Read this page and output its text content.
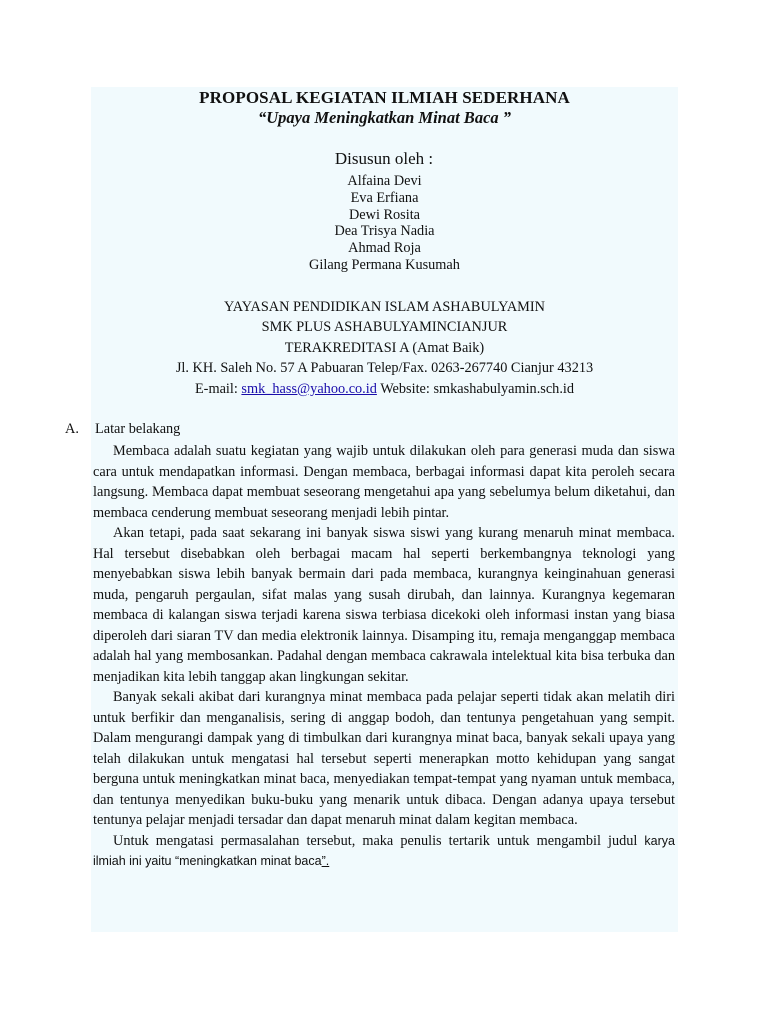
PROPOSAL KEGIATAN ILMIAH SEDERHANA
“Upaya Meningkatkan Minat Baca ”
Disusun oleh :
Alfaina Devi
Eva Erfiana
Dewi Rosita
Dea Trisya Nadia
Ahmad Roja
Gilang Permana Kusumah
YAYASAN PENDIDIKAN ISLAM ASHABULYAMIN
SMK PLUS ASHABULYAMINCIANJUR
TERAKREDITASI A (Amat Baik)
Jl. KH. Saleh No. 57 A Pabuaran Telep/Fax. 0263-267740 Cianjur 43213
E-mail: smk_hass@yahoo.co.id Website: smkashabulyamin.sch.id
A. Latar belakang

Membaca adalah suatu kegiatan yang wajib untuk dilakukan oleh para generasi muda dan siswa cara untuk mendapatkan informasi. Dengan membaca, berbagai informasi dapat kita peroleh secara langsung. Membaca dapat membuat seseorang mengetahui apa yang sebelumya belum diketahui, dan membaca cenderung membuat seseorang menjadi lebih pintar.

Akan tetapi, pada saat sekarang ini banyak siswa siswi yang kurang menaruh minat membaca. Hal tersebut disebabkan oleh berbagai macam hal seperti berkembangnya teknologi yang menyebabkan siswa lebih banyak bermain dari pada membaca, kurangnya keinginahuan generasi muda, pengaruh pergaulan, sifat malas yang susah dirubah, dan lainnya. Kurangnya kegemaran membaca di kalangan siswa terjadi karena siswa terbiasa dicekoki oleh informasi instan yang biasa diperoleh dari siaran TV dan media elektronik lainnya. Disamping itu, remaja menganggap membaca adalah hal yang membosankan. Padahal dengan membaca cakrawala intelektual kita bisa terbuka dan menjadikan kita lebih tanggap akan lingkungan sekitar.

Banyak sekali akibat dari kurangnya minat membaca pada pelajar seperti tidak akan melatih diri untuk berfikir dan menganalisis, sering di anggap bodoh, dan tentunya pengetahuan yang sempit. Dalam mengurangi dampak yang di timbulkan dari kurangnya minat baca, banyak sekali upaya yang telah dilakukan untuk mengatasi hal tersebut seperti menerapkan motto kehidupan yang sangat berguna untuk meningkatkan minat baca, menyediakan tempat-tempat yang nyaman untuk membaca, dan tentunya menyedikan buku-buku yang menarik untuk dibaca. Dengan adanya upaya tersebut tentunya pelajar menjadi tersadar dan dapat menaruh minat dalam kegitan membaca.

Untuk mengatasi permasalahan tersebut, maka penulis tertarik untuk mengambil judul karya ilmiah ini yaitu “meningkatkan minat baca”.
